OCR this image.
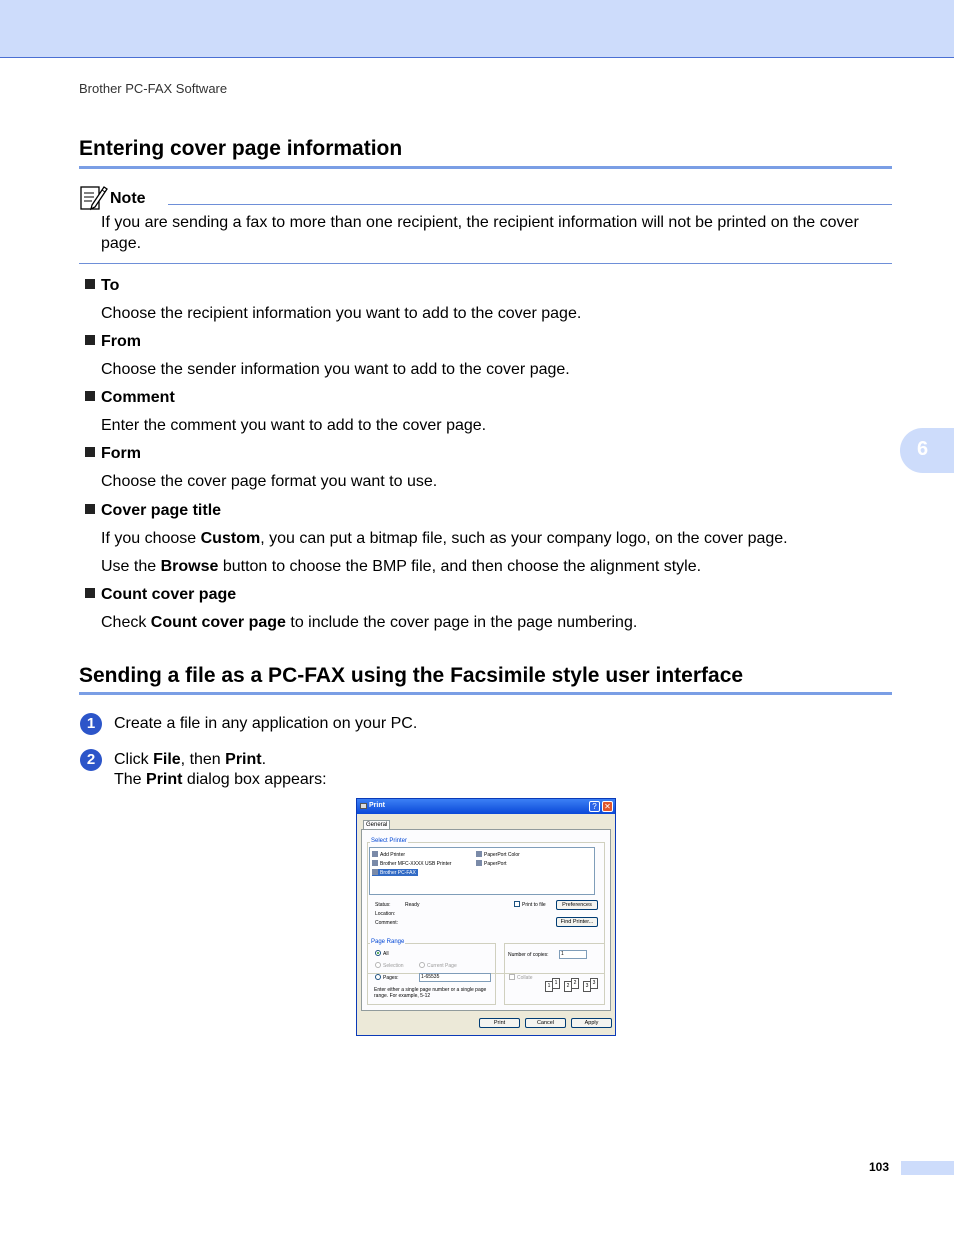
Brother PC-FAX Software
Entering cover page information
Note
If you are sending a fax to more than one recipient, the recipient information will not be printed on the cover page.
To
Choose the recipient information you want to add to the cover page.
From
Choose the sender information you want to add to the cover page.
Comment
Enter the comment you want to add to the cover page.
Form
Choose the cover page format you want to use.
Cover page title
If you choose Custom, you can put a bitmap file, such as your company logo, on the cover page.
Use the Browse button to choose the BMP file, and then choose the alignment style.
Count cover page
Check Count cover page to include the cover page in the page numbering.
6
Sending a file as a PC-FAX using the Facsimile style user interface
1	Create a file in any application on your PC.
2	Click File, then Print.
The Print dialog box appears:
Print	? ✕
General
Select Printer
Add Printer
Brother MFC-XXXX USB Printer
Brother PC-FAX
PaperPort Color
PaperPort
Status:	Ready
Location:
Comment:
Print to file	Preferences
Find Printer...
Page Range
All
Selection	Current Page
Pages:	1-65535
Enter either a single page number or a single page range. For example, 5-12
Number of copies:	1
Collate
1 1	2 2	3 3
Print	Cancel	Apply
103
